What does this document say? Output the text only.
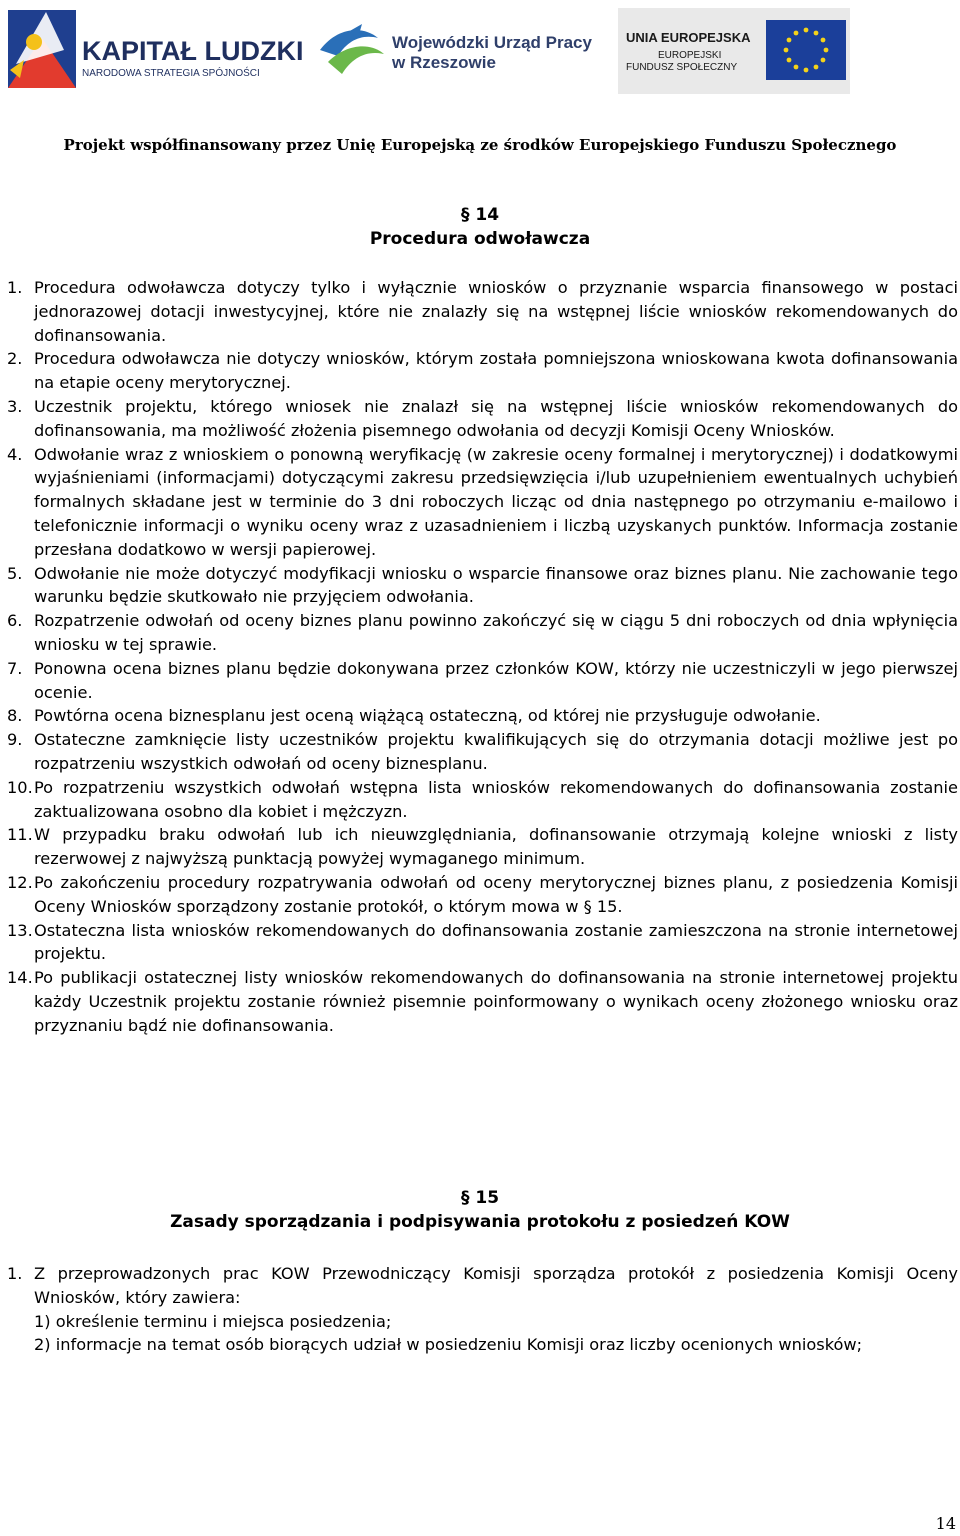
KAPITAŁ LUDZKI
NARODOWA STRATEGIA SPÓJNOŚCI
Wojewódzki Urząd Pracy
w Rzeszowie
UNIA EUROPEJSKA
EUROPEJSKI
FUNDUSZ SPOŁECZNY
Projekt współfinansowany przez Unię Europejską ze środków Europejskiego Funduszu Społecznego
§ 14
Procedura odwoławcza
1. Procedura odwoławcza dotyczy tylko i wyłącznie wniosków o przyznanie wsparcia finansowego w postaci jednorazowej dotacji inwestycyjnej, które nie znalazły się na wstępnej liście wniosków rekomendowanych do dofinansowania.
2. Procedura odwoławcza nie dotyczy wniosków, którym została pomniejszona wnioskowana kwota dofinansowania na etapie oceny merytorycznej.
3. Uczestnik projektu, którego wniosek nie znalazł się na wstępnej liście wniosków rekomendowanych do dofinansowania, ma możliwość złożenia pisemnego odwołania od decyzji Komisji Oceny Wniosków.
4. Odwołanie wraz z wnioskiem o ponowną weryfikację (w zakresie oceny formalnej i merytorycznej) i dodatkowymi wyjaśnieniami (informacjami) dotyczącymi zakresu przedsięwzięcia i/lub uzupełnieniem ewentualnych uchybień formalnych składane jest w terminie do 3 dni roboczych licząc od dnia następnego po otrzymaniu e-mailowo i telefonicznie informacji o wyniku oceny wraz z uzasadnieniem i liczbą uzyskanych punktów. Informacja zostanie przesłana dodatkowo w wersji papierowej.
5. Odwołanie nie może dotyczyć modyfikacji wniosku o wsparcie finansowe oraz biznes planu. Nie zachowanie tego warunku będzie skutkowało nie przyjęciem odwołania.
6. Rozpatrzenie odwołań od oceny biznes planu powinno zakończyć się w ciągu 5 dni roboczych od dnia wpłynięcia wniosku w tej sprawie.
7. Ponowna ocena biznes planu będzie dokonywana przez członków KOW, którzy nie uczestniczyli w jego pierwszej ocenie.
8. Powtórna ocena biznesplanu jest oceną wiążącą ostateczną, od której nie przysługuje odwołanie.
9. Ostateczne zamknięcie listy uczestników projektu kwalifikujących się do otrzymania dotacji możliwe jest po rozpatrzeniu wszystkich odwołań od oceny biznesplanu.
10. Po rozpatrzeniu wszystkich odwołań wstępna lista wniosków rekomendowanych do dofinansowania zostanie zaktualizowana osobno dla kobiet i mężczyzn.
11. W przypadku braku odwołań lub ich nieuwzględniania, dofinansowanie otrzymają kolejne wnioski z listy rezerwowej z najwyższą punktacją powyżej wymaganego minimum.
12. Po zakończeniu procedury rozpatrywania odwołań od oceny merytorycznej biznes planu, z posiedzenia Komisji Oceny Wniosków sporządzony zostanie protokół, o którym mowa w § 15.
13. Ostateczna lista wniosków rekomendowanych do dofinansowania zostanie zamieszczona na stronie internetowej projektu.
14. Po publikacji ostatecznej listy wniosków rekomendowanych do dofinansowania na stronie internetowej projektu każdy Uczestnik projektu zostanie również pisemnie poinformowany o wynikach oceny złożonego wniosku oraz przyznaniu bądź nie dofinansowania.
§ 15
Zasady sporządzania i podpisywania protokołu z posiedzeń KOW
1. Z przeprowadzonych prac KOW Przewodniczący Komisji sporządza protokół z posiedzenia Komisji Oceny Wniosków, który zawiera:
1) określenie terminu i miejsca posiedzenia;
2) informacje na temat osób biorących udział w posiedzeniu Komisji oraz liczby ocenionych wniosków;
14
